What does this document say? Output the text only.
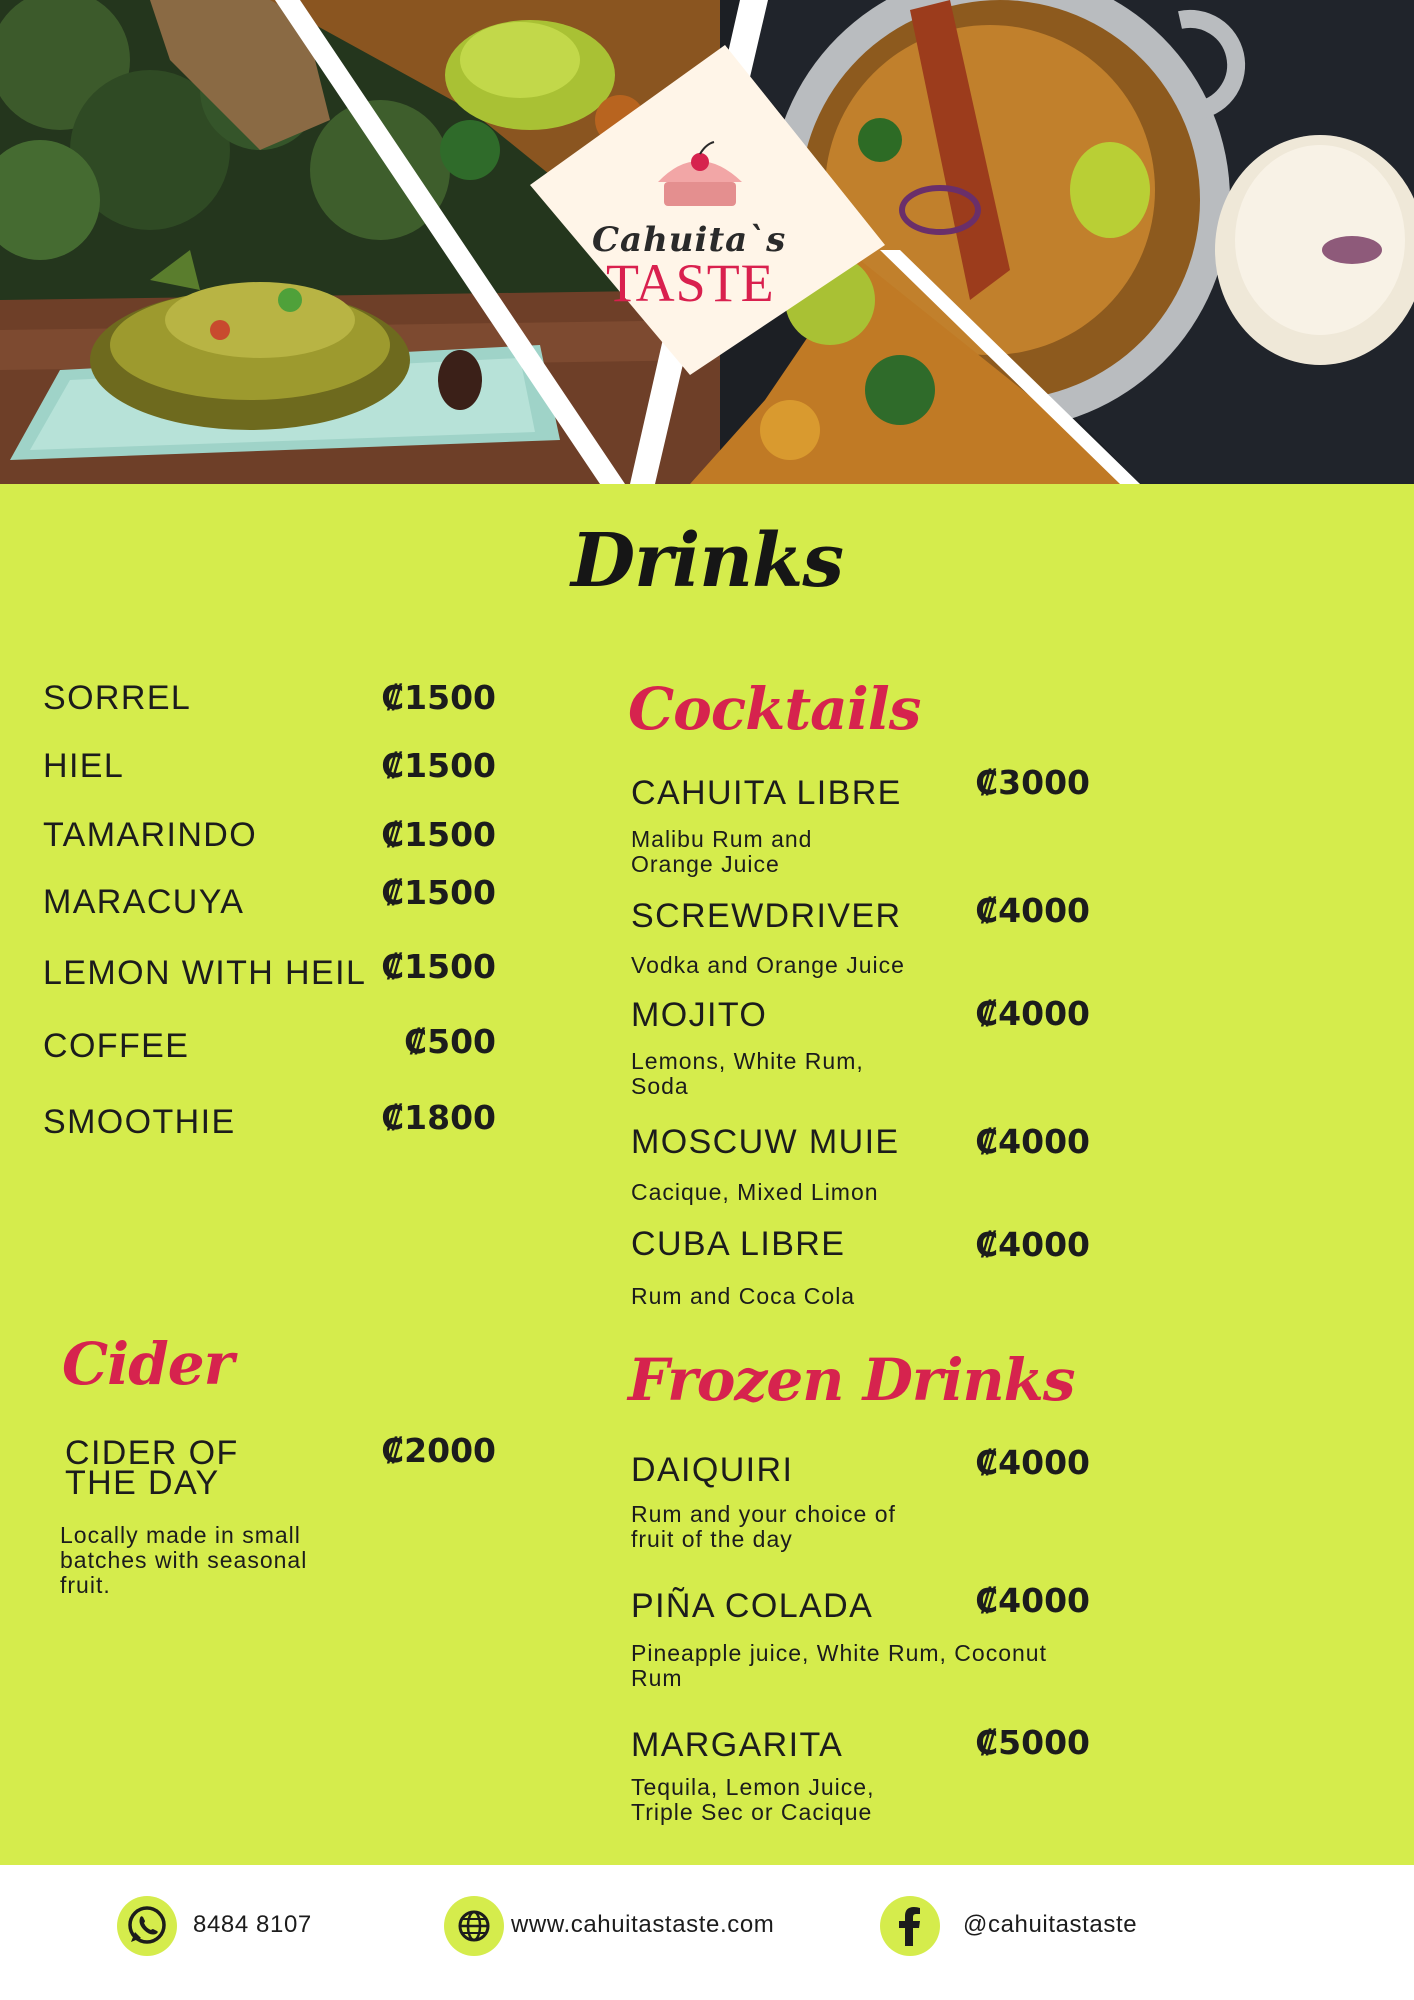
Cahuita`s
TASTE
Drinks
SORREL	₡1500
HIEL	₡1500
TAMARINDO	₡1500
MARACUYA	₡1500
LEMON WITH HEIL ₡1500
COFFEE	₡500
SMOOTHIE	₡1800
Cider
CIDER OF
THE DAY
₡2000
Locally made in small
batches with seasonal
fruit.
Cocktails
CAHUITA LIBRE	₡3000
Malibu Rum and
Orange Juice
SCREWDRIVER	₡4000
Vodka and Orange Juice
MOJITO	₡4000
Lemons, White Rum,
Soda
MOSCUW MUIE	₡4000
Cacique, Mixed Limon
CUBA LIBRE	₡4000
Rum and Coca Cola
Frozen Drinks
DAIQUIRI	₡4000
Rum and your choice of
fruit of the day
PIÑA COLADA	₡4000
Pineapple juice, White Rum, Coconut
Rum
MARGARITA	₡5000
Tequila, Lemon Juice,
Triple Sec or Cacique
8484 8107	www.cahuitastaste.com	@cahuitastaste
